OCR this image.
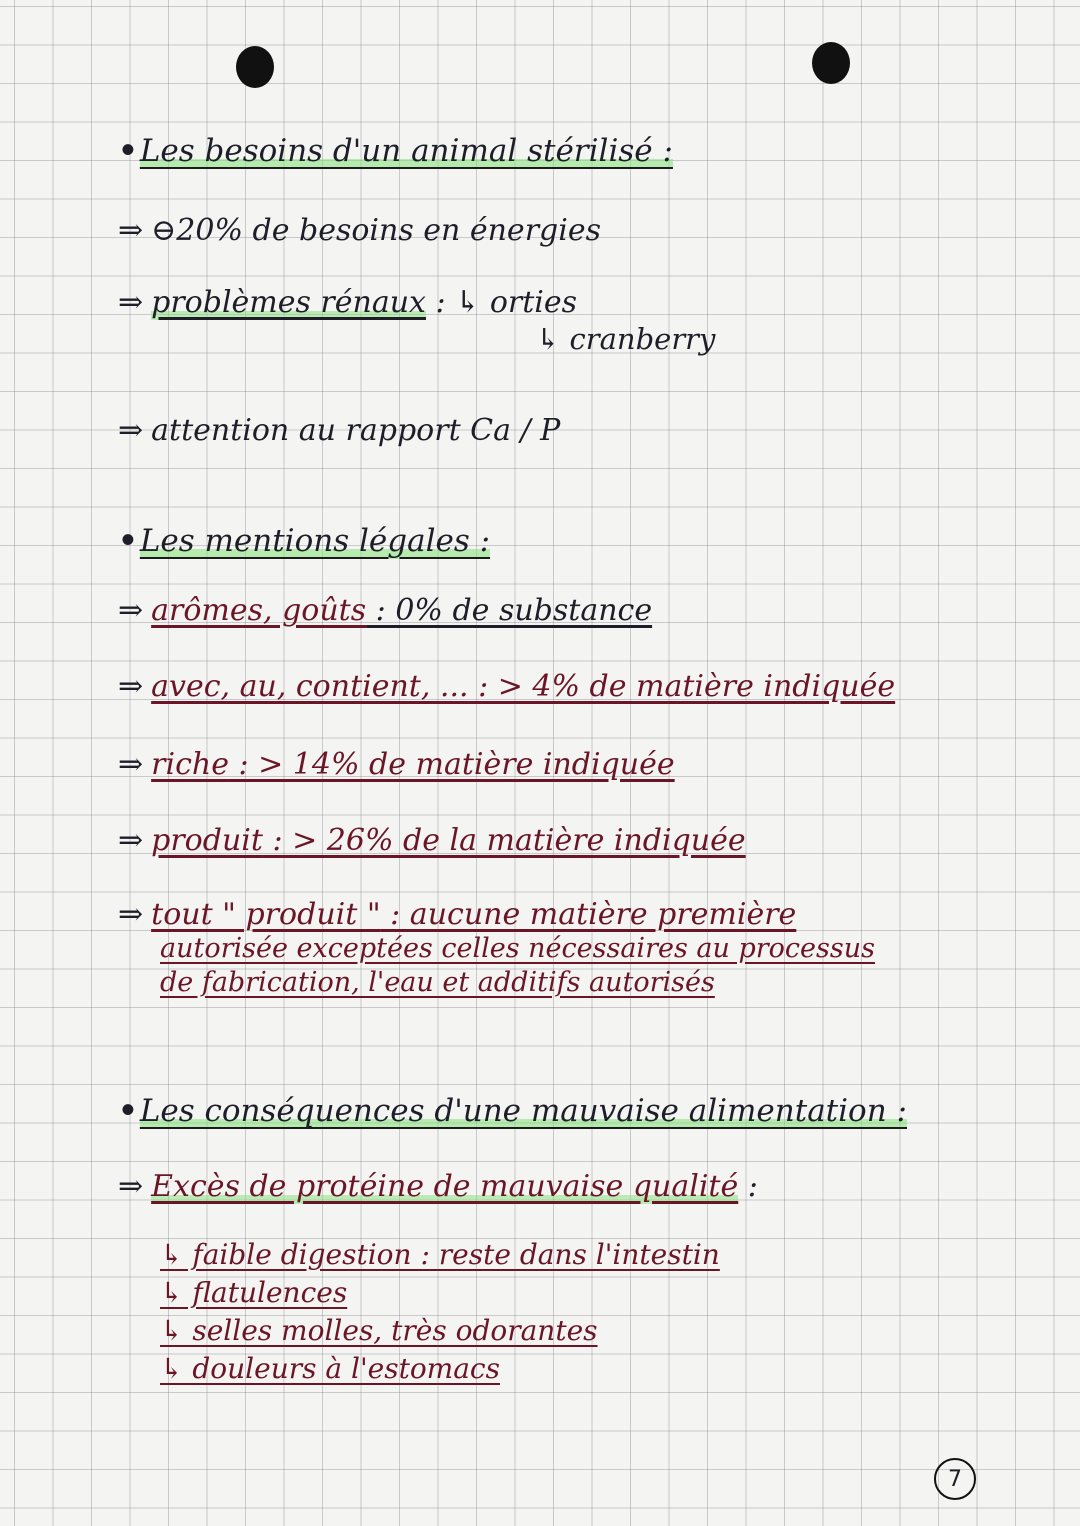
•Les besoins d'un animal stérilisé :
⇒ ⊖20% de besoins en énergies
⇒ problèmes rénaux : ↳ orties
↳ cranberry
⇒ attention au rapport Ca / P
•Les mentions légales :
⇒ arômes, goûts : 0% de substance
⇒ avec, au, contient, ... : > 4% de matière indiquée
⇒ riche : > 14% de matière indiquée
⇒ produit : > 26% de la matière indiquée
⇒ tout " produit " : aucune matière première
autorisée exceptées celles nécessaires au processus
de fabrication, l'eau et additifs autorisés
•Les conséquences d'une mauvaise alimentation :
⇒ Excès de protéine de mauvaise qualité :
↳ faible digestion : reste dans l'intestin
↳ flatulences
↳ selles molles, très odorantes
↳ douleurs à l'estomacs
7
